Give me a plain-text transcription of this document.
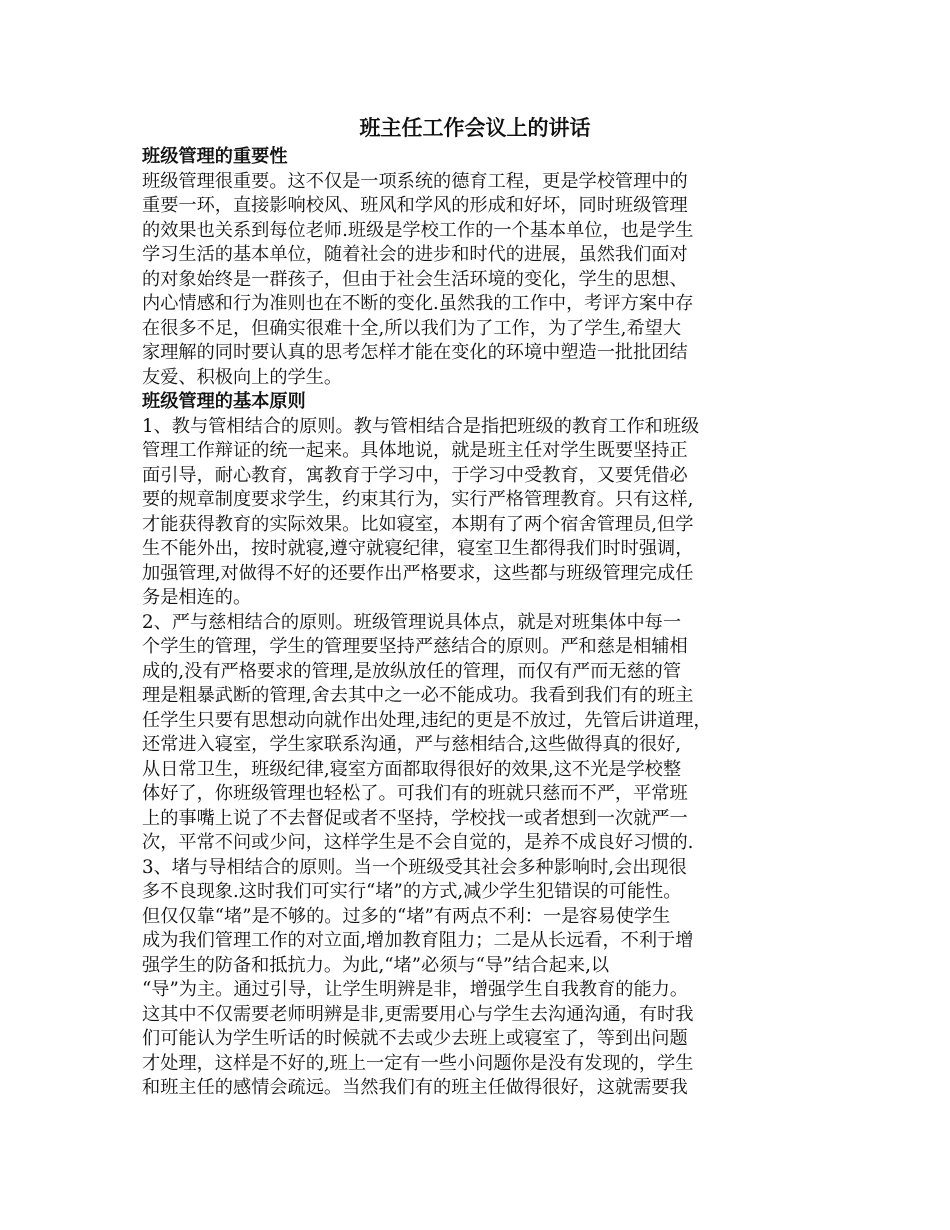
班主任工作会议上的讲话
班级管理的重要性
班级管理很重要。这不仅是一项系统的德育工程，更是学校管理中的
重要一环，直接影响校风、班风和学风的形成和好坏，同时班级管理
的效果也关系到每位老师.班级是学校工作的一个基本单位，也是学生
学习生活的基本单位，随着社会的进步和时代的进展，虽然我们面对
的对象始终是一群孩子，但由于社会生活环境的变化，学生的思想、
内心情感和行为准则也在不断的变化.虽然我的工作中，考评方案中存
在很多不足，但确实很难十全,所以我们为了工作，为了学生,希望大
家理解的同时要认真的思考怎样才能在变化的环境中塑造一批批团结
友爱、积极向上的学生。
班级管理的基本原则
1、教与管相结合的原则。教与管相结合是指把班级的教育工作和班级
管理工作辩证的统一起来。具体地说，就是班主任对学生既要坚持正
面引导，耐心教育，寓教育于学习中，于学习中受教育，又要凭借必
要的规章制度要求学生，约束其行为，实行严格管理教育。只有这样,
才能获得教育的实际效果。比如寝室，本期有了两个宿舍管理员,但学
生不能外出，按时就寝,遵守就寝纪律，寝室卫生都得我们时时强调，
加强管理,对做得不好的还要作出严格要求，这些都与班级管理完成任
务是相连的。
2、严与慈相结合的原则。班级管理说具体点，就是对班集体中每一
个学生的管理，学生的管理要坚持严慈结合的原则。严和慈是相辅相
成的,没有严格要求的管理,是放纵放任的管理，而仅有严而无慈的管
理是粗暴武断的管理,舍去其中之一必不能成功。我看到我们有的班主
任学生只要有思想动向就作出处理,违纪的更是不放过，先管后讲道理，
还常进入寝室，学生家联系沟通，严与慈相结合,这些做得真的很好,
从日常卫生，班级纪律,寝室方面都取得很好的效果,这不光是学校整
体好了，你班级管理也轻松了。可我们有的班就只慈而不严，平常班
上的事嘴上说了不去督促或者不坚持，学校找一或者想到一次就严一
次，平常不问或少问，这样学生是不会自觉的，是养不成良好习惯的.
3、堵与导相结合的原则。当一个班级受其社会多种影响时,会出现很
多不良现象.这时我们可实行“堵”的方式,减少学生犯错误的可能性。
但仅仅靠“堵”是不够的。过多的“堵”有两点不利：一是容易使学生
成为我们管理工作的对立面,增加教育阻力；二是从长远看，不利于增
强学生的防备和抵抗力。为此,“堵”必须与“导”结合起来,以
“导”为主。通过引导，让学生明辨是非，增强学生自我教育的能力。
这其中不仅需要老师明辨是非,更需要用心与学生去沟通沟通，有时我
们可能认为学生听话的时候就不去或少去班上或寝室了，等到出问题
才处理，这样是不好的,班上一定有一些小问题你是没有发现的，学生
和班主任的感情会疏远。当然我们有的班主任做得很好，这就需要我
